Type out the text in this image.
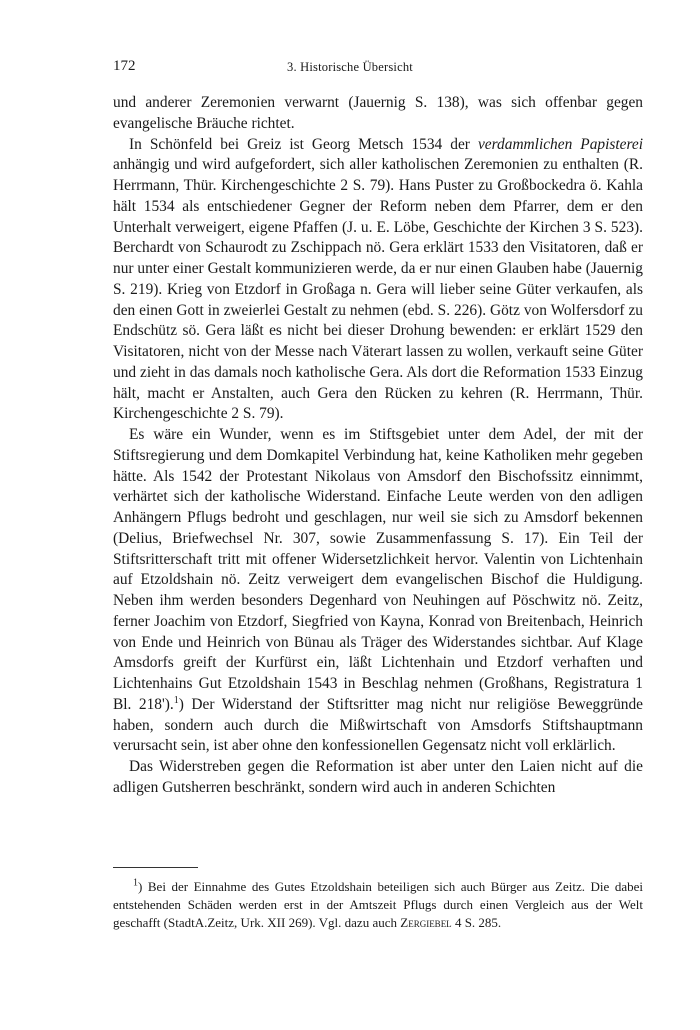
172	3. Historische Übersicht

und anderer Zeremonien verwarnt (Jauernig S. 138), was sich offenbar gegen evangelische Bräuche richtet.

In Schönfeld bei Greiz ist Georg Metsch 1534 der verdammlichen Papisterei anhängig und wird aufgefordert, sich aller katholischen Zeremonien zu enthalten (R. Herrmann, Thür. Kirchengeschichte 2 S. 79). Hans Puster zu Großbockedra ö. Kahla hält 1534 als entschiedener Gegner der Reform neben dem Pfarrer, dem er den Unterhalt verweigert, eigene Pfaffen (J. u. E. Löbe, Geschichte der Kirchen 3 S. 523). Berchardt von Schaurodt zu Zschippach nö. Gera erklärt 1533 den Visitatoren, daß er nur unter einer Gestalt kommunizieren werde, da er nur einen Glauben habe (Jauernig S. 219). Krieg von Etzdorf in Großaga n. Gera will lieber seine Güter verkaufen, als den einen Gott in zweierlei Gestalt zu nehmen (ebd. S. 226). Götz von Wolfersdorf zu Endschütz sö. Gera läßt es nicht bei dieser Drohung bewenden: er erklärt 1529 den Visitatoren, nicht von der Messe nach Väterart lassen zu wollen, verkauft seine Güter und zieht in das damals noch katholische Gera. Als dort die Reformation 1533 Einzug hält, macht er Anstalten, auch Gera den Rücken zu kehren (R. Herrmann, Thür. Kirchengeschichte 2 S. 79).

Es wäre ein Wunder, wenn es im Stiftsgebiet unter dem Adel, der mit der Stiftsregierung und dem Domkapitel Verbindung hat, keine Katholiken mehr gegeben hätte. Als 1542 der Protestant Nikolaus von Amsdorf den Bischofssitz einnimmt, verhärtet sich der katholische Widerstand. Einfache Leute werden von den adligen Anhängern Pflugs bedroht und geschlagen, nur weil sie sich zu Amsdorf bekennen (Delius, Briefwechsel Nr. 307, sowie Zusammenfassung S. 17). Ein Teil der Stiftsritterschaft tritt mit offener Widersetzlichkeit hervor. Valentin von Lichtenhain auf Etzoldshain nö. Zeitz verweigert dem evangelischen Bischof die Huldigung. Neben ihm werden besonders Degenhard von Neuhingen auf Pöschwitz nö. Zeitz, ferner Joachim von Etzdorf, Siegfried von Kayna, Konrad von Breitenbach, Heinrich von Ende und Heinrich von Bünau als Träger des Widerstandes sichtbar. Auf Klage Amsdorfs greift der Kurfürst ein, läßt Lichtenhain und Etzdorf verhaften und Lichtenhains Gut Etzoldshain 1543 in Beschlag nehmen (Großhans, Registratura 1 Bl. 218').$^1$) Der Widerstand der Stiftsritter mag nicht nur religiöse Beweggründe haben, sondern auch durch die Mißwirtschaft von Amsdorfs Stiftshauptmann verursacht sein, ist aber ohne den konfessionellen Gegensatz nicht voll erklärlich.

Das Widerstreben gegen die Reformation ist aber unter den Laien nicht auf die adligen Gutsherren beschränkt, sondern wird auch in anderen Schichten

$^1$) Bei der Einnahme des Gutes Etzoldshain beteiligen sich auch Bürger aus Zeitz. Die dabei entstehenden Schäden werden erst in der Amtszeit Pflugs durch einen Vergleich aus der Welt geschafft (StadtA.Zeitz, Urk. XII 269). Vgl. dazu auch Zergiebel 4 S. 285.
